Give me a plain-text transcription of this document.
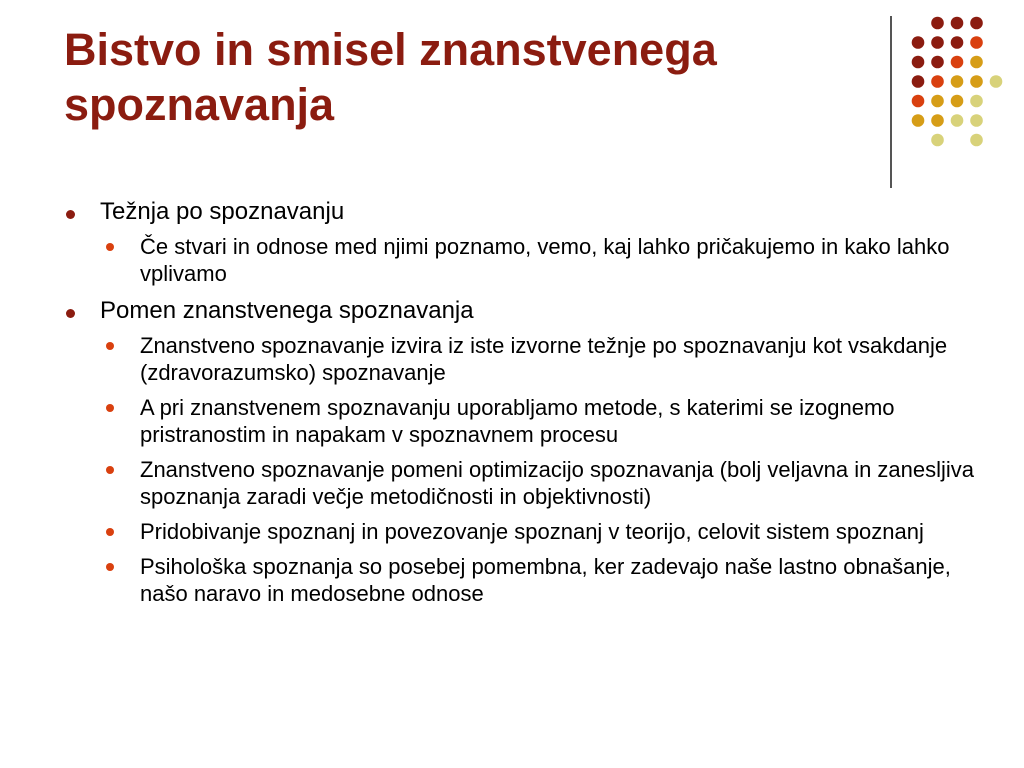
Bistvo in smisel znanstvenega
spoznavanja
Težnja po spoznavanju
Če stvari in odnose med njimi poznamo, vemo, kaj lahko pričakujemo in kako lahko vplivamo
Pomen znanstvenega spoznavanja
Znanstveno spoznavanje izvira iz iste izvorne težnje po spoznavanju kot vsakdanje (zdravorazumsko) spoznavanje
A pri znanstvenem spoznavanju uporabljamo metode, s katerimi se izognemo pristranostim in napakam v spoznavnem procesu
Znanstveno spoznavanje pomeni optimizacijo spoznavanja (bolj veljavna in zanesljiva spoznanja zaradi večje metodičnosti in objektivnosti)
Pridobivanje spoznanj in povezovanje spoznanj v teorijo, celovit sistem spoznanj
Psihološka spoznanja so posebej pomembna, ker zadevajo naše lastno obnašanje, našo naravo in medosebne odnose
